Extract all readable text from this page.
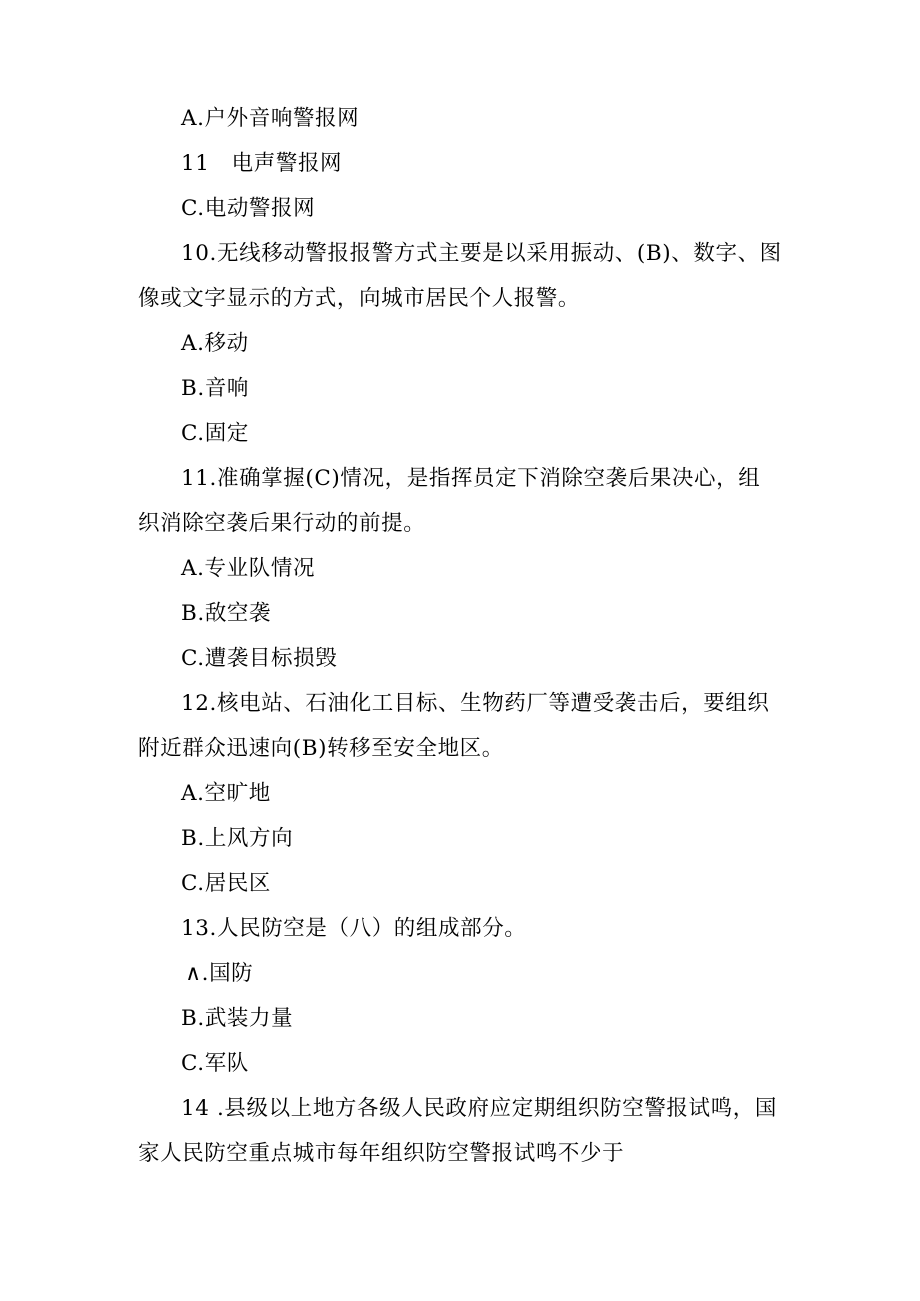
A.户外音响警报网

11　电声警报网

C.电动警报网

10.无线移动警报报警方式主要是以采用振动、(B)、数字、图像或文字显示的方式，向城市居民个人报警。

A.移动

B.音响

C.固定

11.准确掌握(C)情况，是指挥员定下消除空袭后果决心，组织消除空袭后果行动的前提。

A.专业队情况

B.敌空袭

C.遭袭目标损毁

12.核电站、石油化工目标、生物药厂等遭受袭击后，要组织附近群众迅速向(B)转移至安全地区。

A.空旷地

B.上风方向

C.居民区

13.人民防空是（八）的组成部分。

∧.国防

B.武装力量

C.军队

14 .县级以上地方各级人民政府应定期组织防空警报试鸣，国家人民防空重点城市每年组织防空警报试鸣不少于
